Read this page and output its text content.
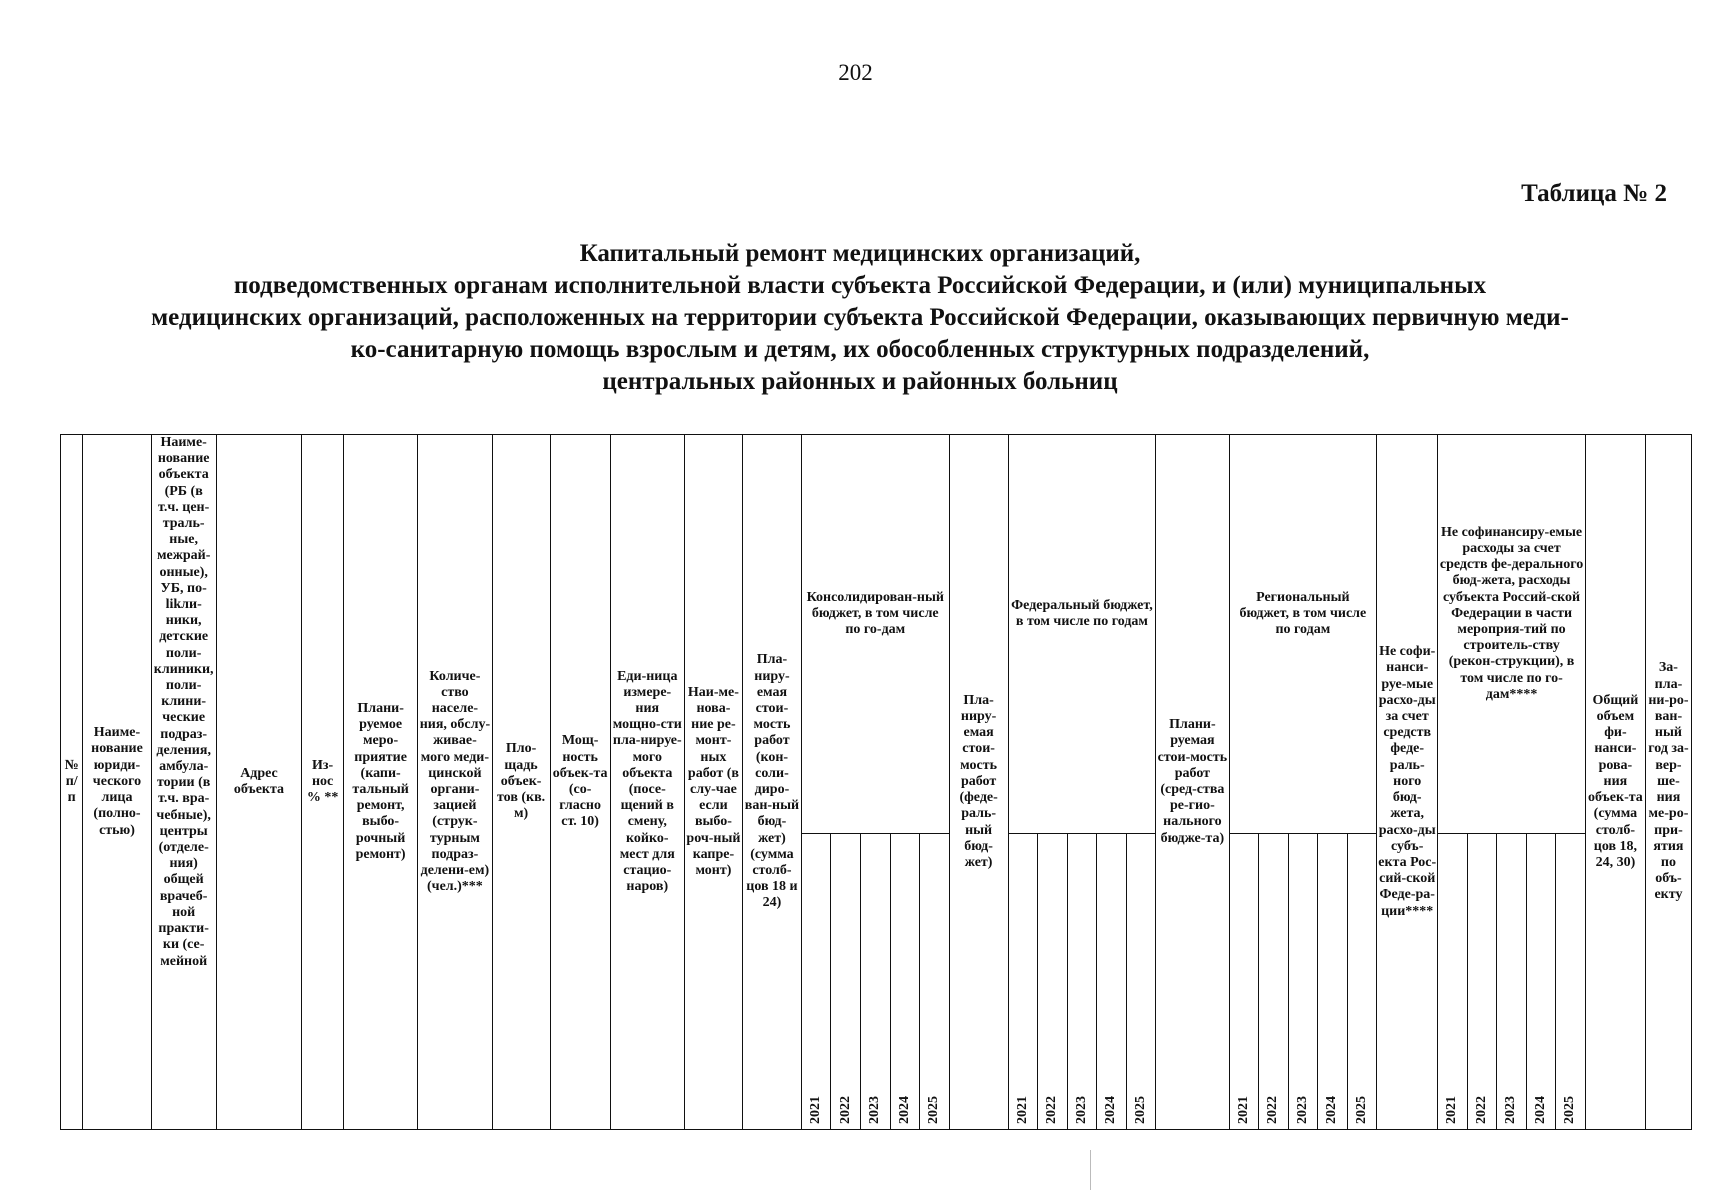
202
Таблица № 2
Капитальный ремонт медицинских организаций,
подведомственных органам исполнительной власти субъекта Российской Федерации, и (или) муниципальных
медицинских организаций, расположенных на территории субъекта Российской Федерации, оказывающих первичную меди-
ко-санитарную помощь взрослым и детям, их обособленных структурных подразделений,
центральных районных и районных больниц
№ п/п	Наиме-нование юриди-ческого лица (полно-стью)	Наиме-нование объекта (РБ (в т.ч. цен-траль-ные, межрай-онные), УБ, по-likли-ники, детские поли-клиники, поли-клини-ческие подраз-деления, амбула-тории (в т.ч. вра-чебные), центры (отделе-ния) общей врачеб-ной практи-ки (се-мейной	Адрес объекта	Из-нос % **	Плани-руемое меро-приятие (капи-тальный ремонт, выбо-рочный ремонт)	Количе-ство населе-ния, обслу-живае-мого меди-цинской органи-зацией (струк-турным подраз-делени-ем) (чел.)***	Пло-щадь объек-тов (кв. м)	Мощ-ность объек-та (со-гласно ст. 10)	Еди-ница измере-ния мощно-сти пла-нируе-мого объекта (посе-щений в смену, койко-мест для стацио-наров)	Наи-ме-нова-ние ре-монт-ных работ (в слу-чае если выбо-роч-ный капре-монт)	Пла-ниру-емая стои-мость работ (кон-соли-диро-ван-ный бюд-жет) (сумма столб-цов 18 и 24)	Консолидирован-ный бюджет, в том числе по го-дам					Пла-ниру-емая стои-мость работ (феде-раль-ный бюд-жет)	Федеральный бюджет, в том числе по годам					Плани-руемая стои-мость работ (сред-ства ре-гио-нального бюдже-та)	Региональный бюджет, в том числе по годам					Не софи-нанси-руе-мые расхо-ды за счет средств феде-раль-ного бюд-жета, расхо-ды субъ-екта Рос-сий-ской Феде-ра-ции****	Не софинансиру-емые расходы за счет средств фе-дерального бюд-жета, расходы субъекта Россий-ской Федерации в части мероприя-тий по строитель-ству (рекон-струкции), в том числе по го-дам****					Общий объем фи-нанси-рова-ния объек-та (сумма столб-цов 18, 24, 30)	За-пла-ни-ро-ван-ный год за-вер-ше-ния ме-ро-при-ятия по объ-екту
												2021	2022	2023	2024	2025		2021	2022	2023	2024	2025		2021	2022	2023	2024	2025		2021	2022	2023	2024	2025		
